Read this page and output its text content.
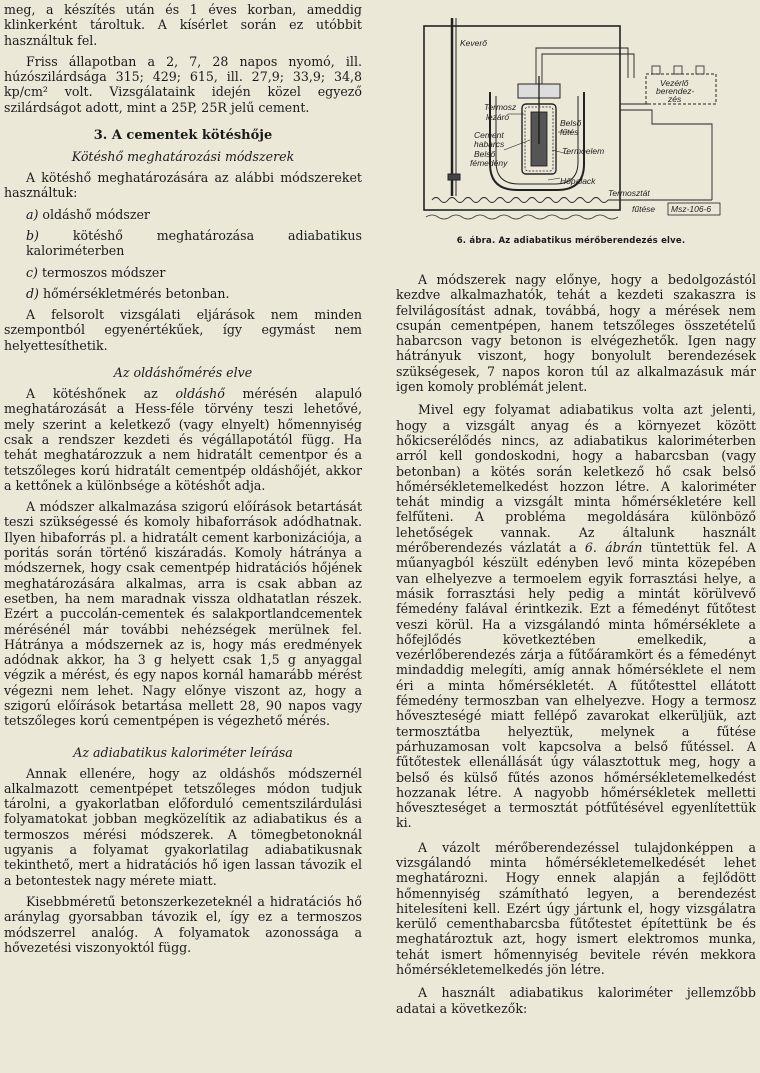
meg, a készítés után és 1 éves korban, ameddig klinkerként tároltuk. A kísérlet során ez utóbbit használtuk fel.

Friss állapotban a 2, 7, 28 napos nyomó, ill. húzószilárdsága 315; 429; 615, ill. 27,9; 33,9; 34,8 kp/cm² volt. Vizsgálataink idején közel egyező szilárdságot adott, mint a 25P, 25R jelű cement.

3. A cementek kötéshője
Kötéshő meghatározási módszerek

A kötéshő meghatározására az alábbi módszereket használtuk:

a) oldáshő módszer

b) kötéshő meghatározása adiabatikus kaloriméterben

c) termoszos módszer

d) hőmérsékletmérés betonban.

A felsorolt vizsgálati eljárások nem minden szempontból egyenértékűek, így egymást nem helyettesíthetik.

Az oldáshőmérés elve

A kötéshőnek az oldáshő mérésén alapuló meghatározását a Hess-féle törvény teszi lehetővé, mely szerint a keletkező (vagy elnyelt) hőmennyiség csak a rendszer kezdeti és végállapotától függ. Ha tehát meghatározzuk a nem hidratált cementpor és a tetszőleges korú hidratált cementpép oldáshőjét, akkor a kettőnek a különbsége a kötéshőt adja.

A módszer alkalmazása szigorú előírások betartását teszi szükségessé és komoly hibaforrások adódhatnak. Ilyen hibaforrás pl. a hidratált cement karbonizációja, a poritás során történő kiszáradás. Komoly hátránya a módszernek, hogy csak cementpép hidratációs hőjének meghatározására alkalmas, arra is csak abban az esetben, ha nem maradnak vissza oldhatatlan részek. Ezért a puccolán-cementek és salakportlandcementek mérésénél már további nehézségek merülnek fel. Hátránya a módszernek az is, hogy más eredmények adódnak akkor, ha 3 g helyett csak 1,5 g anyaggal végzik a mérést, és egy napos kornál hamarább mérést végezni nem lehet. Nagy előnye viszont az, hogy a szigorú előírások betartása mellett 28, 90 napos vagy tetszőleges korú cementpépen is végezhető mérés.

Az adiabatikus kaloriméter leírása

Annak ellenére, hogy az oldáshős módszernél alkalmazott cementpépet tetszőleges módon tudjuk tárolni, a gyakorlatban előforduló cementszilárdulási folyamatokat jobban megközelítik az adiabatikus és a termoszos mérési módszerek. A tömegbetonoknál ugyanis a folyamat gyakorlatilag adiabatikusnak tekinthető, mert a hidratációs hő igen lassan távozik el a betontestek nagy mérete miatt.

Kisebbméretű betonszerkezeteknél a hidratációs hő aránylag gyorsabban távozik el, így ez a termoszos módszerrel analóg. A folyamatok azonossága a hővezetési viszonyoktól függ.

Keverő
Termosz
lezáró
Cement
habarcs
Belső
fémedény
Belső
fűtés
Termoelem
Hőpalack
Vezérlő
berendez-
zés
Termosztát
fűtése Msz-106-6
6. ábra. Az adiabatikus mérőberendezés elve.

A módszerek nagy előnye, hogy a bedolgozástól kezdve alkalmazhatók, tehát a kezdeti szakaszra is felvilágosítást adnak, továbbá, hogy a mérések nem csupán cementpépen, hanem tetszőleges összetételű habarcson vagy betonon is elvégezhetők. Igen nagy hátrányuk viszont, hogy bonyolult berendezések szükségesek, 7 napos koron túl az alkalmazásuk már igen komoly problémát jelent.

Mivel egy folyamat adiabatikus volta azt jelenti, hogy a vizsgált anyag és a környezet között hőkicserélődés nincs, az adiabatikus kaloriméterben arról kell gondoskodni, hogy a habarcsban (vagy betonban) a kötés során keletkező hő csak belső hőmérsékletemelkedést hozzon létre. A kaloriméter tehát mindig a vizsgált minta hőmérsékletére kell felfűteni. A probléma megoldására különböző lehetőségek vannak. Az általunk használt mérőberendezés vázlatát a 6. ábrán tüntettük fel. A műanyagból készült edényben levő minta közepében van elhelyezve a termoelem egyik forrasztási helye, a másik forrasztási hely pedig a mintát körülvevő fémedény falával érintkezik. Ezt a fémedényt fűtőtest veszi körül. Ha a vizsgálandó minta hőmérséklete a hőfejlődés következtében emelkedik, a vezérlőberendezés zárja a fűtőáramkört és a fémedényt mindaddig melegíti, amíg annak hőmérséklete el nem éri a minta hőmérsékletét. A fűtőtesttel ellátott fémedény termoszban van elhelyezve. Hogy a termosz hőveszteségé miatt fellépő zavarokat elkerüljük, azt termosztátba helyeztük, melynek a fűtése párhuzamosan volt kapcsolva a belső fűtéssel. A fűtőtestek ellenállását úgy választottuk meg, hogy a belső és külső fűtés azonos hőmérsékletemelkedést hozzanak létre. A nagyobb hőmérsékletek melletti hőveszteséget a termosztát pótfűtésével egyenlítettük ki.

A vázolt mérőberendezéssel tulajdonképpen a vizsgálandó minta hőmérsékletemelkedését lehet meghatározni. Hogy ennek alapján a fejlődött hőmennyiség számítható legyen, a berendezést hitelesíteni kell. Ezért úgy jártunk el, hogy vizsgálatra kerülő cementhabarcsba fűtőtestet építettünk be és meghatároztuk azt, hogy ismert elektromos munka, tehát ismert hőmennyiség bevitele révén mekkora hőmérsékletemelkedés jön létre.

A használt adiabatikus kaloriméter jellemzőbb adatai a következők:
